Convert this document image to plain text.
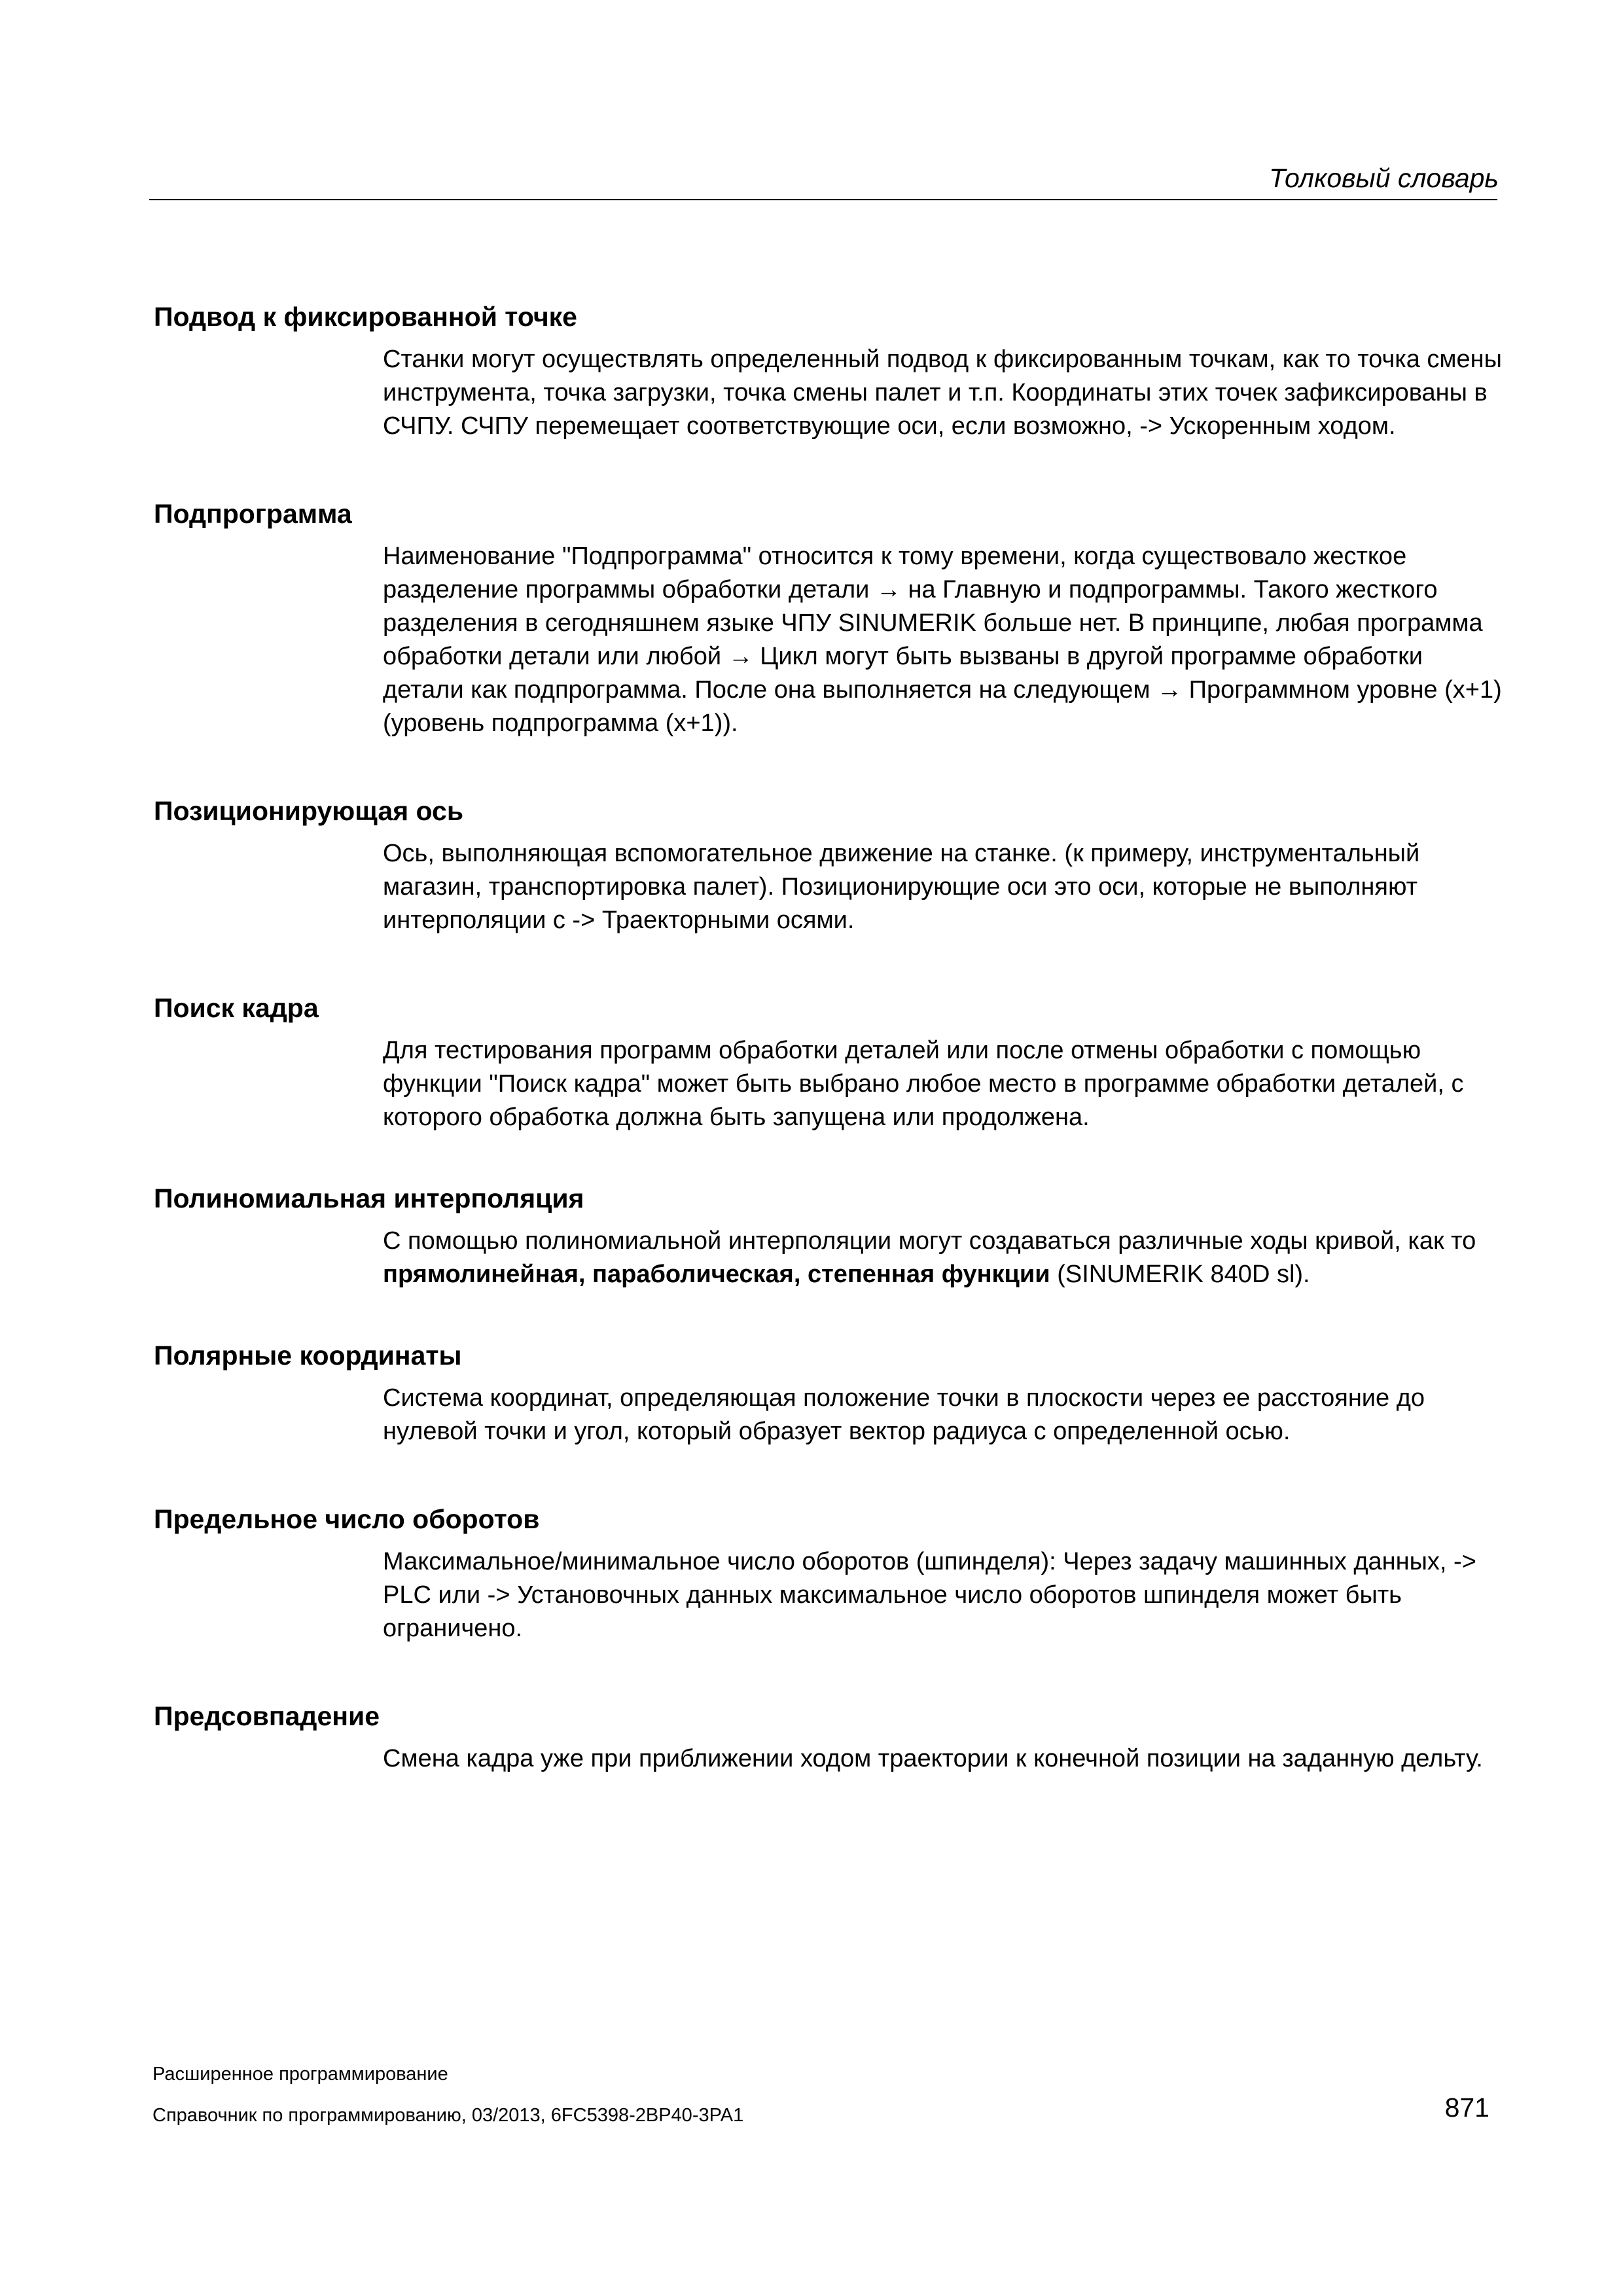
Толковый словарь

Подвод к фиксированной точке

Станки могут осуществлять определенный подвод к фиксированным точкам, как то точка смены инструмента, точка загрузки, точка смены палет и т.п. Координаты этих точек зафиксированы в СЧПУ. СЧПУ перемещает соответствующие оси, если возможно, -> Ускоренным ходом.

Подпрограмма

Наименование "Подпрограмма" относится к тому времени, когда существовало жесткое разделение программы обработки детали → на Главную и подпрограммы. Такого жесткого разделения в сегодняшнем языке ЧПУ SINUMERIK больше нет. В принципе, любая программа обработки детали или любой → Цикл могут быть вызваны в другой программе обработки детали как подпрограмма. После она выполняется на следующем → Программном уровне (x+1) (уровень подпрограмма (x+1)).

Позиционирующая ось

Ось, выполняющая вспомогательное движение на станке. (к примеру, инструментальный магазин, транспортировка палет). Позиционирующие оси это оси, которые не выполняют интерполяции с -> Траекторными осями.

Поиск кадра

Для тестирования программ обработки деталей или после отмены обработки с помощью функции "Поиск кадра" может быть выбрано любое место в программе обработки деталей, с которого обработка должна быть запущена или продолжена.

Полиномиальная интерполяция

С помощью полиномиальной интерполяции могут создаваться различные ходы кривой, как то прямолинейная, параболическая, степенная функции (SINUMERIK 840D sl).

Полярные координаты

Система координат, определяющая положение точки в плоскости через ее расстояние до нулевой точки и угол, который образует вектор радиуса с определенной осью.

Предельное число оборотов

Максимальное/минимальное число оборотов (шпинделя): Через задачу машинных данных, -> PLC или -> Установочных данных максимальное число оборотов шпинделя может быть ограничено.

Предсовпадение

Смена кадра уже при приближении ходом траектории к конечной позиции на заданную дельту.

Расширенное программирование
Справочник по программированию, 03/2013, 6FC5398-2BP40-3PA1	871
